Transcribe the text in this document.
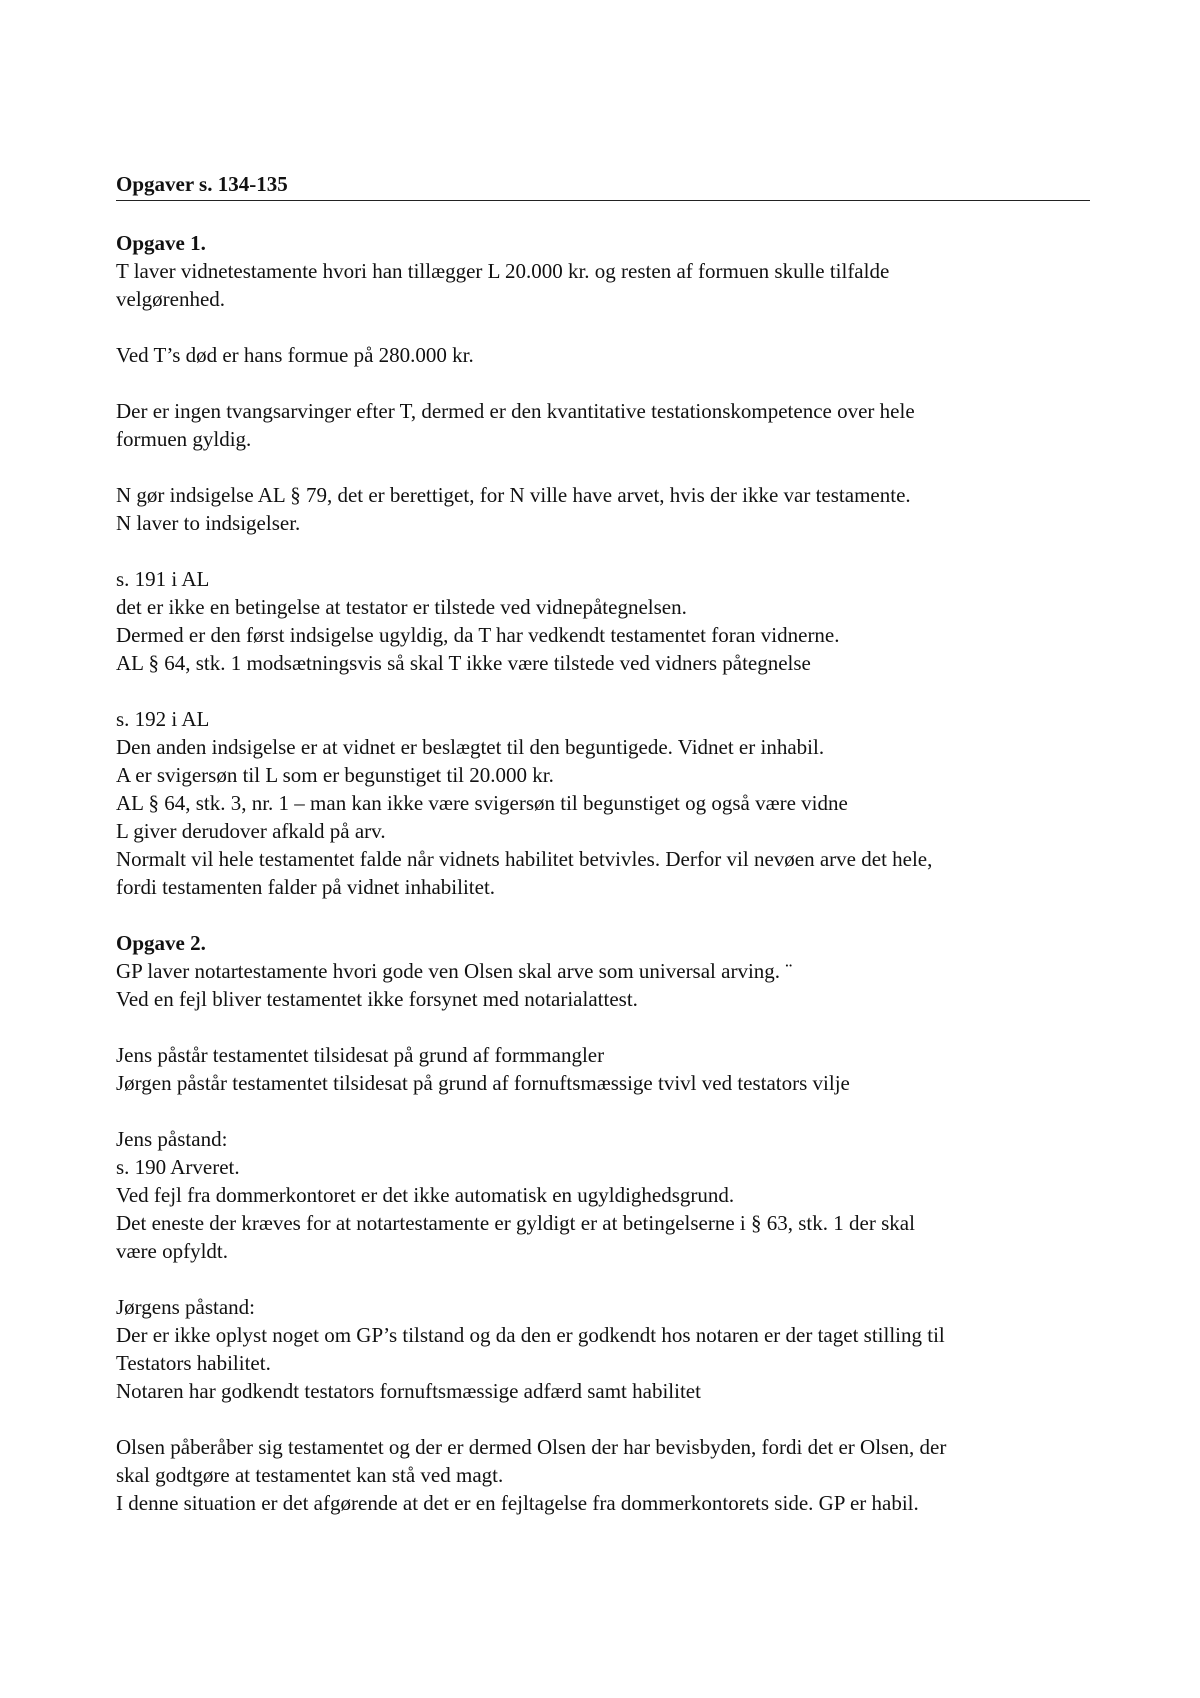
Opgaver s. 134-135
Opgave 1.
T laver vidnetestamente hvori han tillægger L 20.000 kr. og resten af formuen skulle tilfalde
velgørenhed.
Ved T’s død er hans formue på 280.000 kr.
Der er ingen tvangsarvinger efter T, dermed er den kvantitative testationskompetence over hele
formuen gyldig.
N gør indsigelse AL § 79, det er berettiget, for N ville have arvet, hvis der ikke var testamente.
N laver to indsigelser.
s. 191 i AL
det er ikke en betingelse at testator er tilstede ved vidnepåtegnelsen.
Dermed er den først indsigelse ugyldig, da T har vedkendt testamentet foran vidnerne.
AL § 64, stk. 1 modsætningsvis så skal T ikke være tilstede ved vidners påtegnelse
s. 192 i AL
Den anden indsigelse er at vidnet er beslægtet til den beguntigede. Vidnet er inhabil.
A er svigersøn til L som er begunstiget til 20.000 kr.
AL § 64, stk. 3, nr. 1 – man kan ikke være svigersøn til begunstiget og også være vidne
L giver derudover afkald på arv.
Normalt vil hele testamentet falde når vidnets habilitet betvivles. Derfor vil nevøen arve det hele,
fordi testamenten falder på vidnet inhabilitet.
Opgave 2.
GP laver notartestamente hvori gode ven Olsen skal arve som universal arving. ¨
Ved en fejl bliver testamentet ikke forsynet med notarialattest.
Jens påstår testamentet tilsidesat på grund af formmangler
Jørgen påstår testamentet tilsidesat på grund af fornuftsmæssige tvivl ved testators vilje
Jens påstand:
s. 190 Arveret.
Ved fejl fra dommerkontoret er det ikke automatisk en ugyldighedsgrund.
Det eneste der kræves for at notartestamente er gyldigt er at betingelserne i § 63, stk. 1 der skal
være opfyldt.
Jørgens påstand:
Der er ikke oplyst noget om GP’s tilstand og da den er godkendt hos notaren er der taget stilling til
Testators habilitet.
Notaren har godkendt testators fornuftsmæssige adfærd samt habilitet
Olsen påberåber sig testamentet og der er dermed Olsen der har bevisbyden, fordi det er Olsen, der
skal godtgøre at testamentet kan stå ved magt.
I denne situation er det afgørende at det er en fejltagelse fra dommerkontorets side. GP er habil.
